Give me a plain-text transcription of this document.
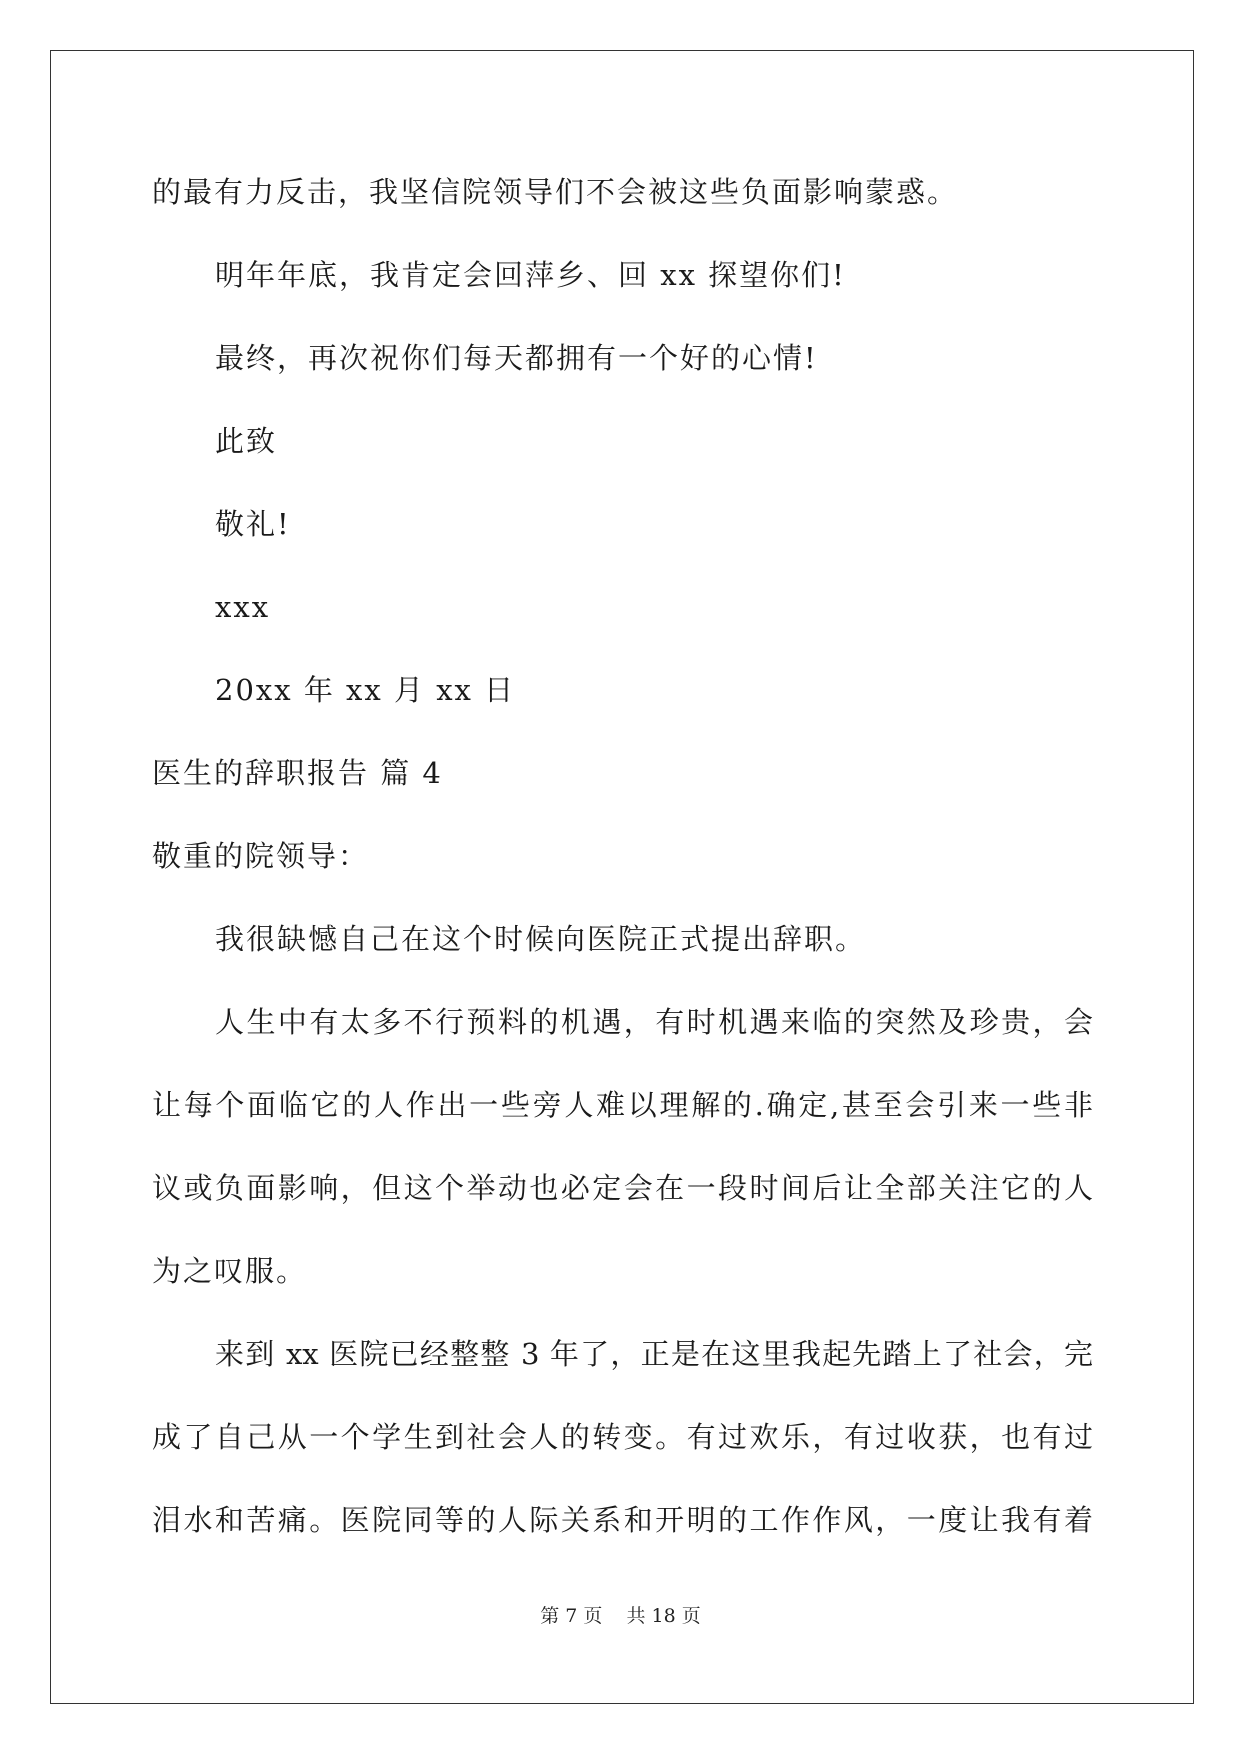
的最有力反击，我坚信院领导们不会被这些负面影响蒙惑。
明年年底，我肯定会回萍乡、回 xx 探望你们!
最终，再次祝你们每天都拥有一个好的心情!
此致
敬礼!
xxx
20xx 年 xx 月 xx 日
医生的辞职报告 篇 4
敬重的院领导：
我很缺憾自己在这个时候向医院正式提出辞职。
人生中有太多不行预料的机遇，有时机遇来临的突然及珍贵，会
让每个面临它的人作出一些旁人难以理解的.确定,甚至会引来一些非
议或负面影响，但这个举动也必定会在一段时间后让全部关注它的人
为之叹服。
来到 xx 医院已经整整 3 年了，正是在这里我起先踏上了社会，完
成了自己从一个学生到社会人的转变。有过欢乐，有过收获，也有过
泪水和苦痛。医院同等的人际关系和开明的工作作风，一度让我有着
第 7 页 共 18 页
